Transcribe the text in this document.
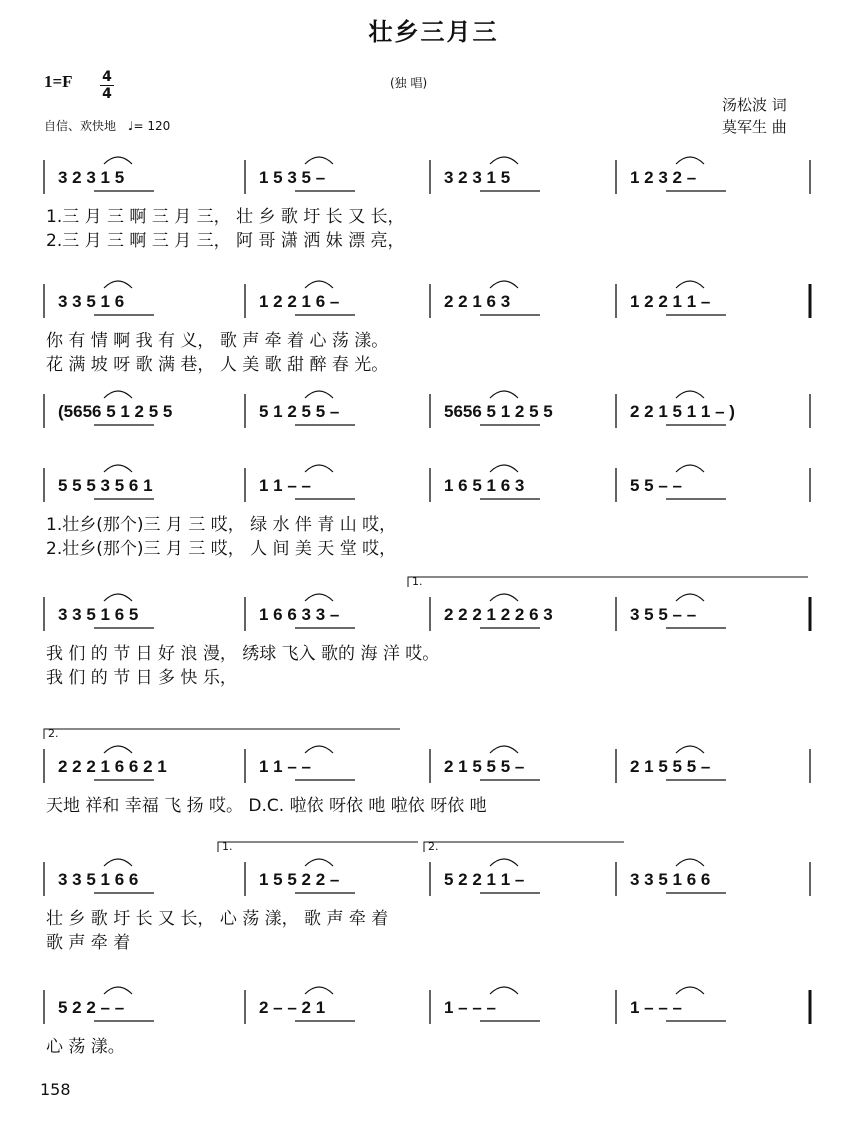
壮乡三月三
1=F 4
4
(独 唱)
汤松波 词
莫军生 曲
自信、欢快地 ♩= 120
3 2 3 1 5	1 5 3 5 –	3 2 3 1 5	1 2 3 2 –
1.三 月 三 啊 三 月 三， 壮 乡 歌 圩 长 又 长，
2.三 月 三 啊 三 月 三， 阿 哥 潇 洒 妹 漂 亮，
3 3 5 1 6	1 2 2 1 6 –	2 2 1 6 3	1 2 2 1 1 –
你 有 情 啊 我 有 义， 歌 声 牵 着 心 荡 漾。
花 满 坡 呀 歌 满 巷， 人 美 歌 甜 醉 春 光。
(5656 5 1 2 5 5	5 1 2 5 5 –	5656 5 1 2 5 5	2 2 1 5 1 1 – )
5 5 5 3 5 6 1	1 1 – –	1 6 5 1 6 3	5 5 – –
1.壮乡(那个)三 月 三 哎， 绿 水 伴 青 山 哎，
2.壮乡(那个)三 月 三 哎， 人 间 美 天 堂 哎，
3 3 5 1 6 5	1 6 6 3 3 –	2 2 2 1 2 2 6 3	3 5 5 – –
我 们 的 节 日 好 浪 漫， 绣球 飞入 歌的 海 洋 哎。
我 们 的 节 日 多 快 乐，
1.
2 2 2 1 6 6 2 1	1 1 – –	2 1 5 5 5 –	2 1 5 5 5 –
天地 祥和 幸福 飞 扬 哎。 D.C. 啦依 呀依 吔 啦依 呀依 吔
2.
3 3 5 1 6 6	1 5 5 2 2 –	5 2 2 1 1 –	3 3 5 1 6 6
壮 乡 歌 圩 长 又 长， 心 荡 漾， 歌 声 牵 着
歌 声 牵 着
1.	2.
5 2 2 – –	2 – – 2 1	1 – – –	1 – – –
心 荡 漾。
158
